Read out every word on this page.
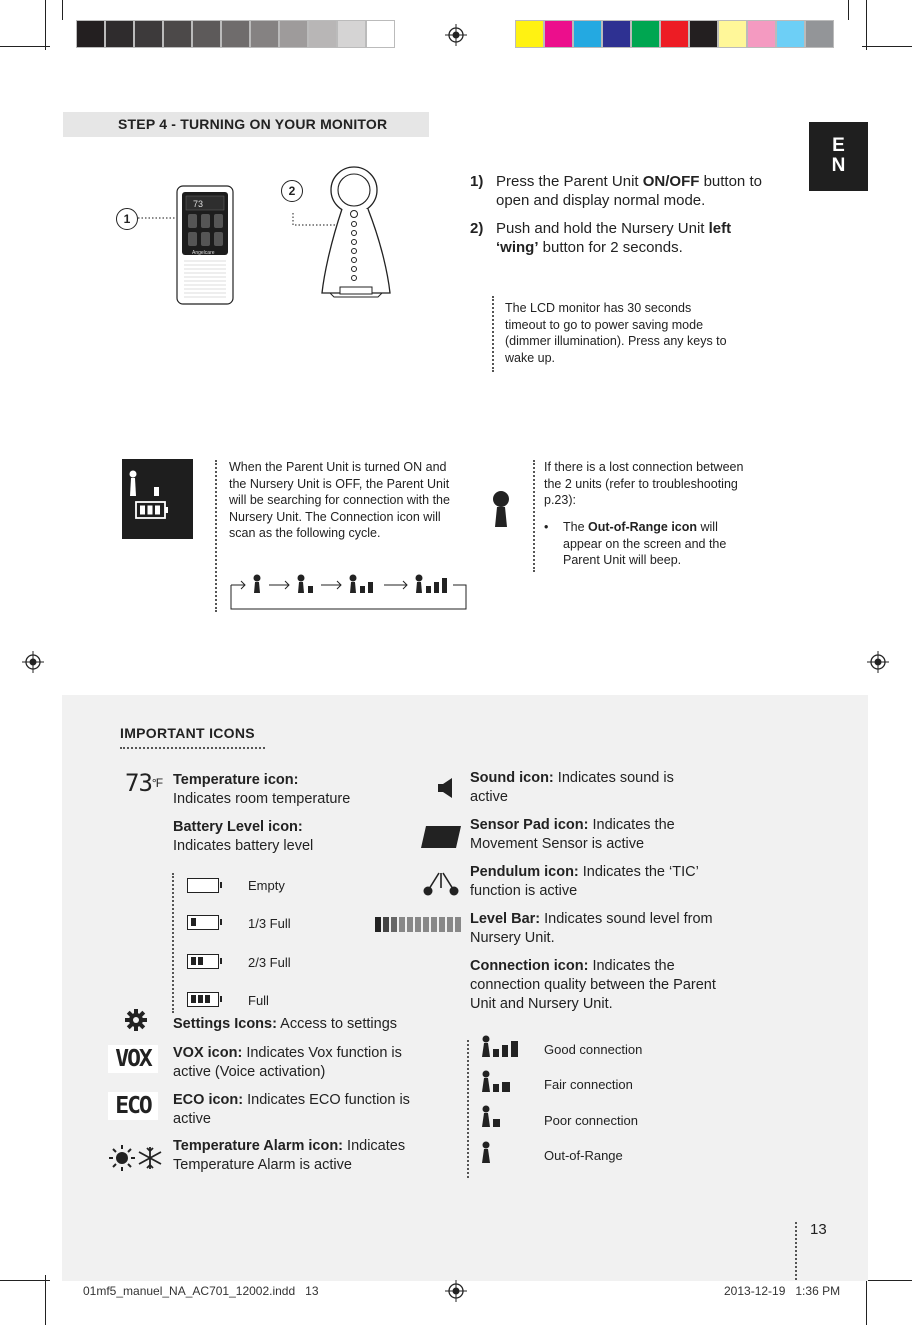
STEP 4 - TURNING ON YOUR MONITOR
E
N
1
2
73
Angelcare
1) Press the Parent Unit ON/OFF button to open and display normal mode.
2) Push and hold the Nursery Unit left ‘wing’ button for 2 seconds.
The LCD monitor has 30 seconds timeout to go to power saving mode (dimmer illumination). Press any keys to wake up.
When the Parent Unit is turned ON and the Nursery Unit is OFF, the Parent Unit will be searching for connection with the Nursery Unit. The Connection icon will scan as the following cycle.
If there is a lost connection between the 2 units (refer to troubleshooting p.23):
• The Out-of-Range icon will appear on the screen and the Parent Unit will beep.
IMPORTANT ICONS
$73^{^\circ F}$ Temperature icon:
Indicates room temperature
Battery Level icon:
Indicates battery level
Empty
1/3 Full
2/3 Full
Full
Settings Icons: Access to settings
VOX	VOX icon: Indicates Vox function is active (Voice activation)
ECO	ECO icon: Indicates ECO function is active
Temperature Alarm icon: Indicates Temperature Alarm is active
Sound icon: Indicates sound is active
Sensor Pad icon: Indicates the Movement Sensor is active
Pendulum icon: Indicates the ‘TIC’ function is active
Level Bar: Indicates sound level from Nursery Unit.
Connection icon: Indicates the connection quality between the Parent Unit and Nursery Unit.
Good connection
Fair connection
Poor connection
Out-of-Range
13
01mf5_manuel_NA_AC701_12002.indd   13	2013-12-19   1:36 PM
